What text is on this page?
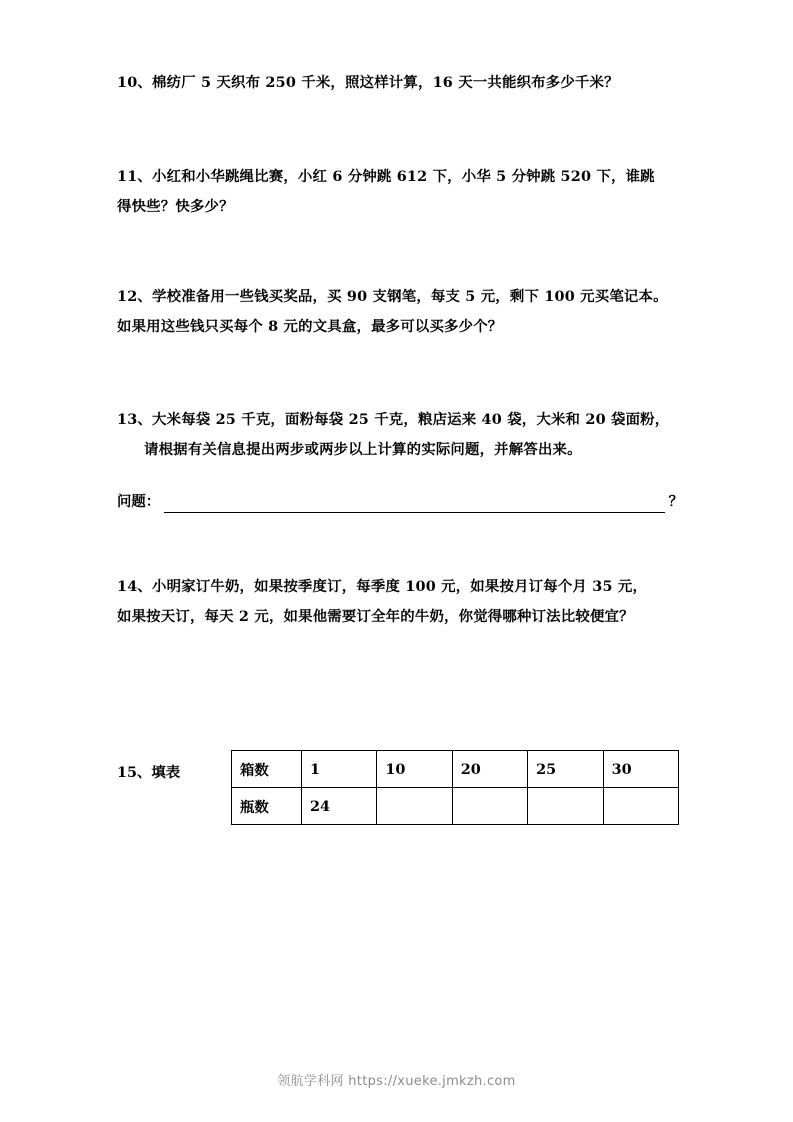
10、棉纺厂 5 天织布 250 千米，照这样计算，16 天一共能织布多少千米？
11、小红和小华跳绳比赛，小红 6 分钟跳 612 下，小华 5 分钟跳 520 下，谁跳
得快些？快多少？
12、学校准备用一些钱买奖品，买 90 支钢笔，每支 5 元，剩下 100 元买笔记本。
如果用这些钱只买每个 8 元的文具盒，最多可以买多少个？
13、大米每袋 25 千克，面粉每袋 25 千克，粮店运来 40 袋，大米和 20 袋面粉，
请根据有关信息提出两步或两步以上计算的实际问题，并解答出来。
问题：	？
14、小明家订牛奶，如果按季度订，每季度 100 元，如果按月订每个月 35 元，
如果按天订，每天 2 元，如果他需要订全年的牛奶，你觉得哪种订法比较便宜？
15、填表	箱数	1	10	20	25	30
瓶数	24				
领航学科网 https://xueke.jmkzh.com
